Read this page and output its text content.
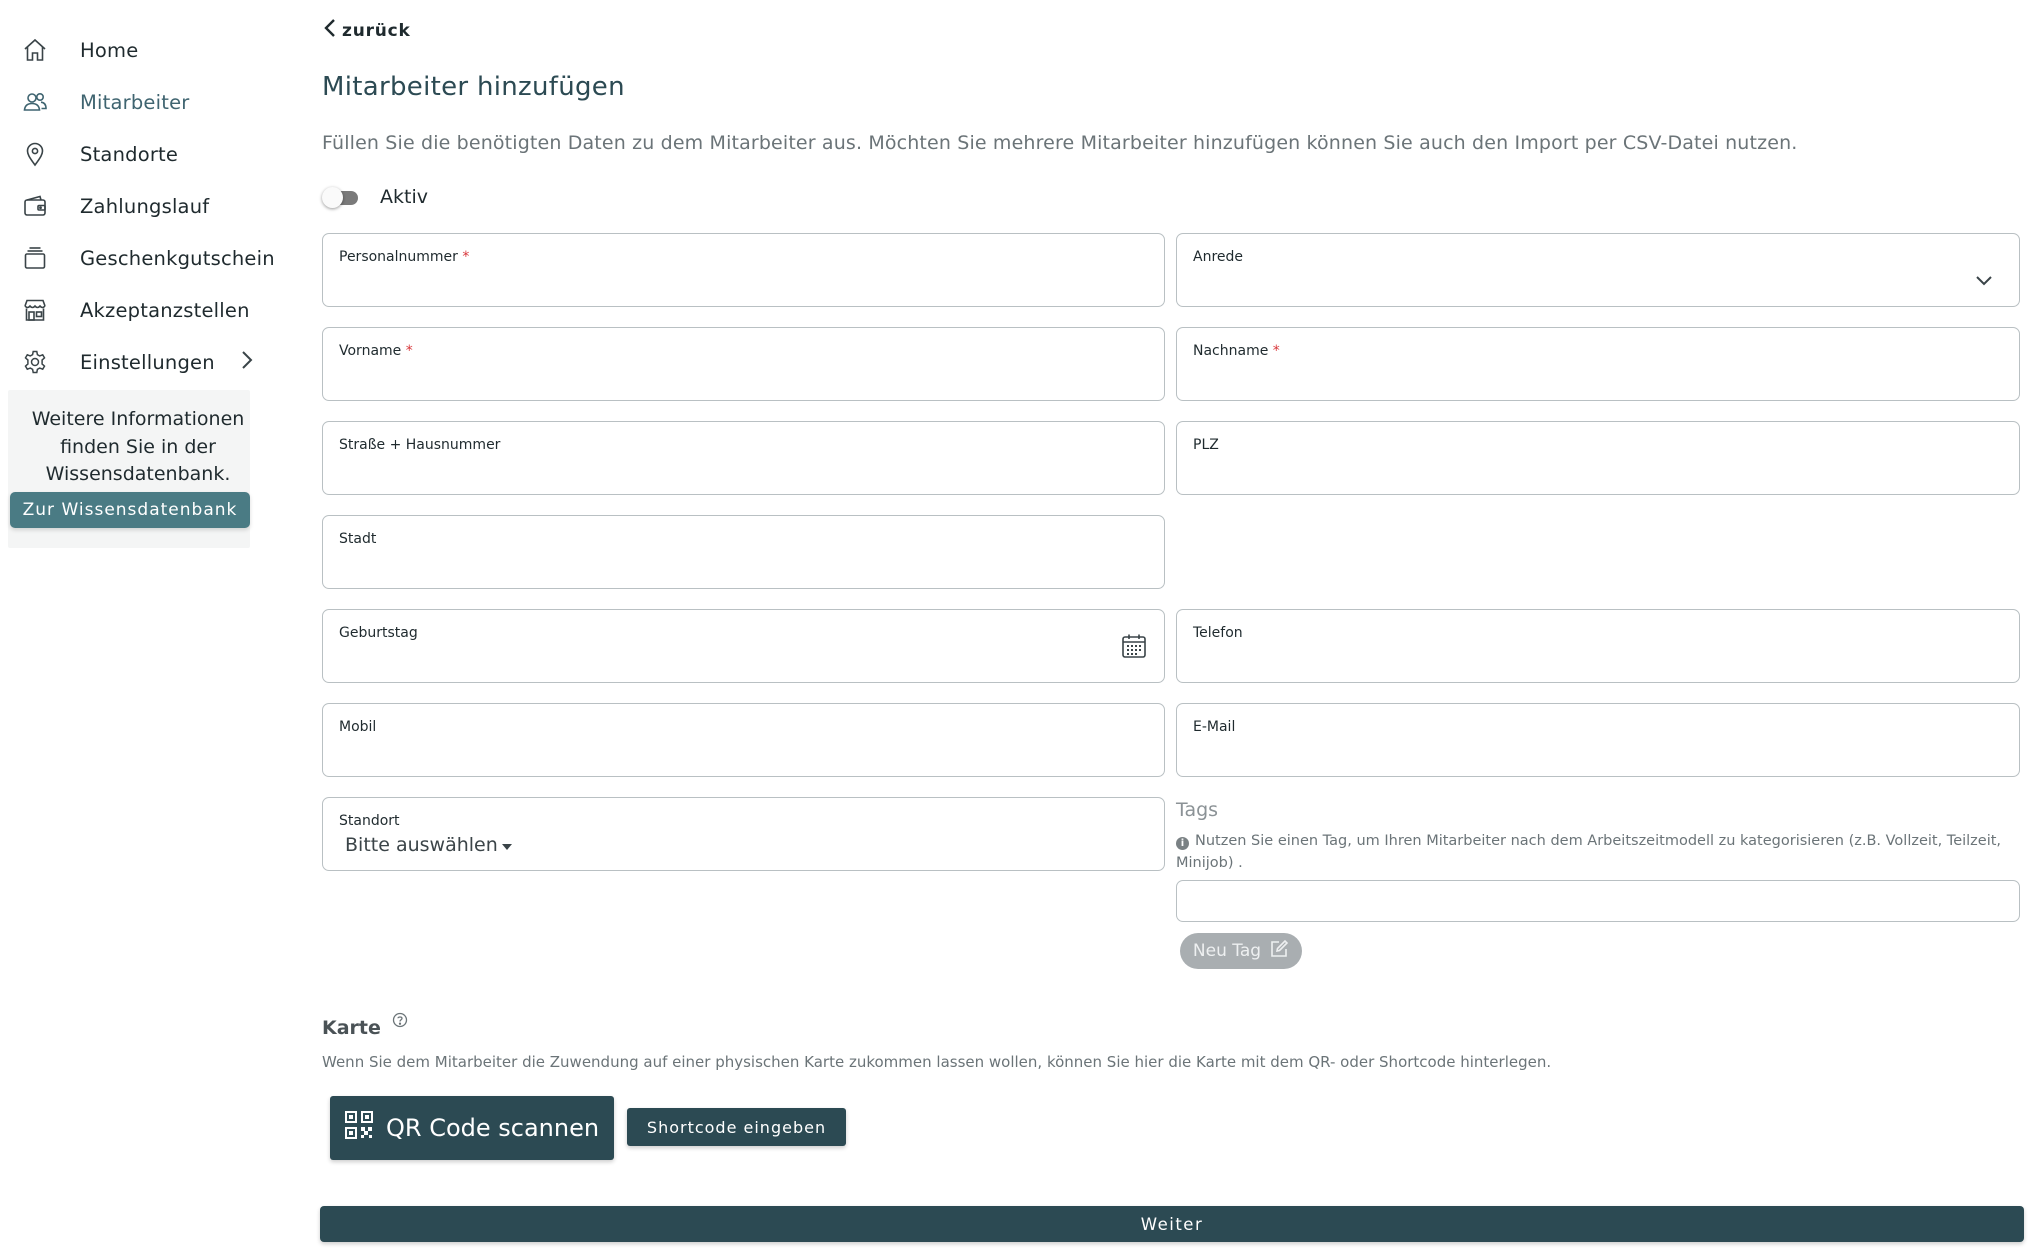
Home
Mitarbeiter
Standorte
Zahlungslauf
Geschenkgutschein
Akzeptanzstellen
Einstellungen

Weitere Informationen finden Sie in der Wissensdatenbank.

Zur Wissensdatenbank
zurück
Mitarbeiter hinzufügen

Füllen Sie die benötigten Daten zu dem Mitarbeiter aus. Möchten Sie mehrere Mitarbeiter hinzufügen können Sie auch den Import per CSV-Datei nutzen.

Aktiv
Personalnummer *	Anrede
Vorname *	Nachname *
Straße + Hausnummer	PLZ
Stadt
Geburtstag	Telefon
Mobil	E-Mail
Standort
Bitte auswählen
Tags

i Nutzen Sie einen Tag, um Ihren Mitarbeiter nach dem Arbeitszeitmodell zu kategorisieren (z.B. Vollzeit, Teilzeit, Minijob) .

Neu Tag
Karte

Wenn Sie dem Mitarbeiter die Zuwendung auf einer physischen Karte zukommen lassen wollen, können Sie hier die Karte mit dem QR- oder Shortcode hinterlegen.

QR Code scannen	Shortcode eingeben
Weiter
